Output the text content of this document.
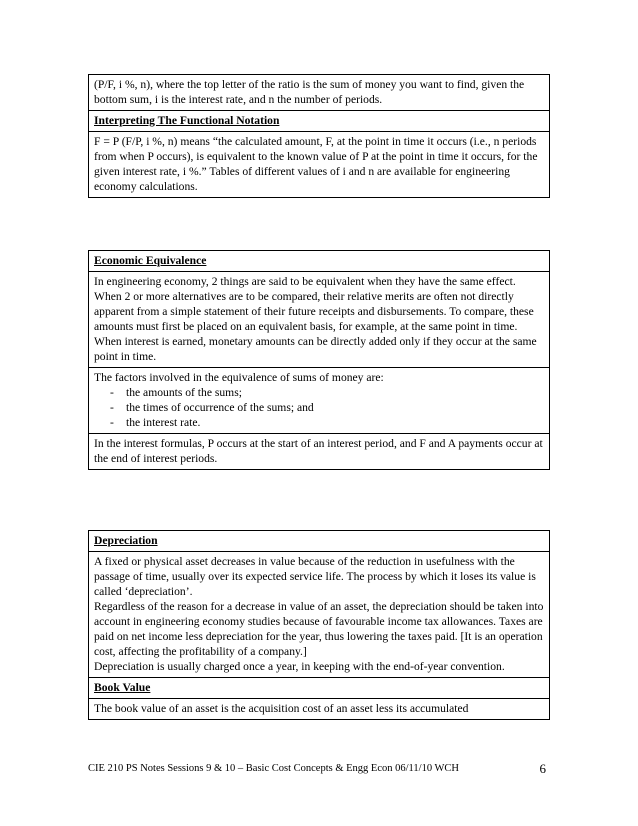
(P/F, i %, n), where the top letter of the ratio is the sum of money you want to find, given the bottom sum, i is the interest rate, and n the number of periods.
Interpreting The Functional Notation
F = P (F/P, i %, n) means “the calculated amount, F, at the point in time it occurs (i.e., n periods from when P occurs), is equivalent to the known value of P at the point in time it occurs, for the given interest rate, i %.” Tables of different values of i and n are available for engineering economy calculations.
Economic Equivalence
In engineering economy, 2 things are said to be equivalent when they have the same effect. When 2 or more alternatives are to be compared, their relative merits are often not directly apparent from a simple statement of their future receipts and disbursements. To compare, these amounts must first be placed on an equivalent basis, for example, at the same point in time. When interest is earned, monetary amounts can be directly added only if they occur at the same point in time.

The factors involved in the equivalence of sums of money are:
- the amounts of the sums;
- the times of occurrence of the sums; and
- the interest rate.

In the interest formulas, P occurs at the start of an interest period, and F and A payments occur at the end of interest periods.
Depreciation

A fixed or physical asset decreases in value because of the reduction in usefulness with the passage of time, usually over its expected service life. The process by which it loses its value is called ‘depreciation’.
Regardless of the reason for a decrease in value of an asset, the depreciation should be taken into account in engineering economy studies because of favourable income tax allowances. Taxes are paid on net income less depreciation for the year, thus lowering the taxes paid. [It is an operation cost, affecting the profitability of a company.]
Depreciation is usually charged once a year, in keeping with the end-of-year convention.

Book Value
The book value of an asset is the acquisition cost of an asset less its accumulated
CIE 210 PS Notes Sessions 9 & 10 – Basic Cost Concepts & Engg Econ 06/11/10 WCH	6
